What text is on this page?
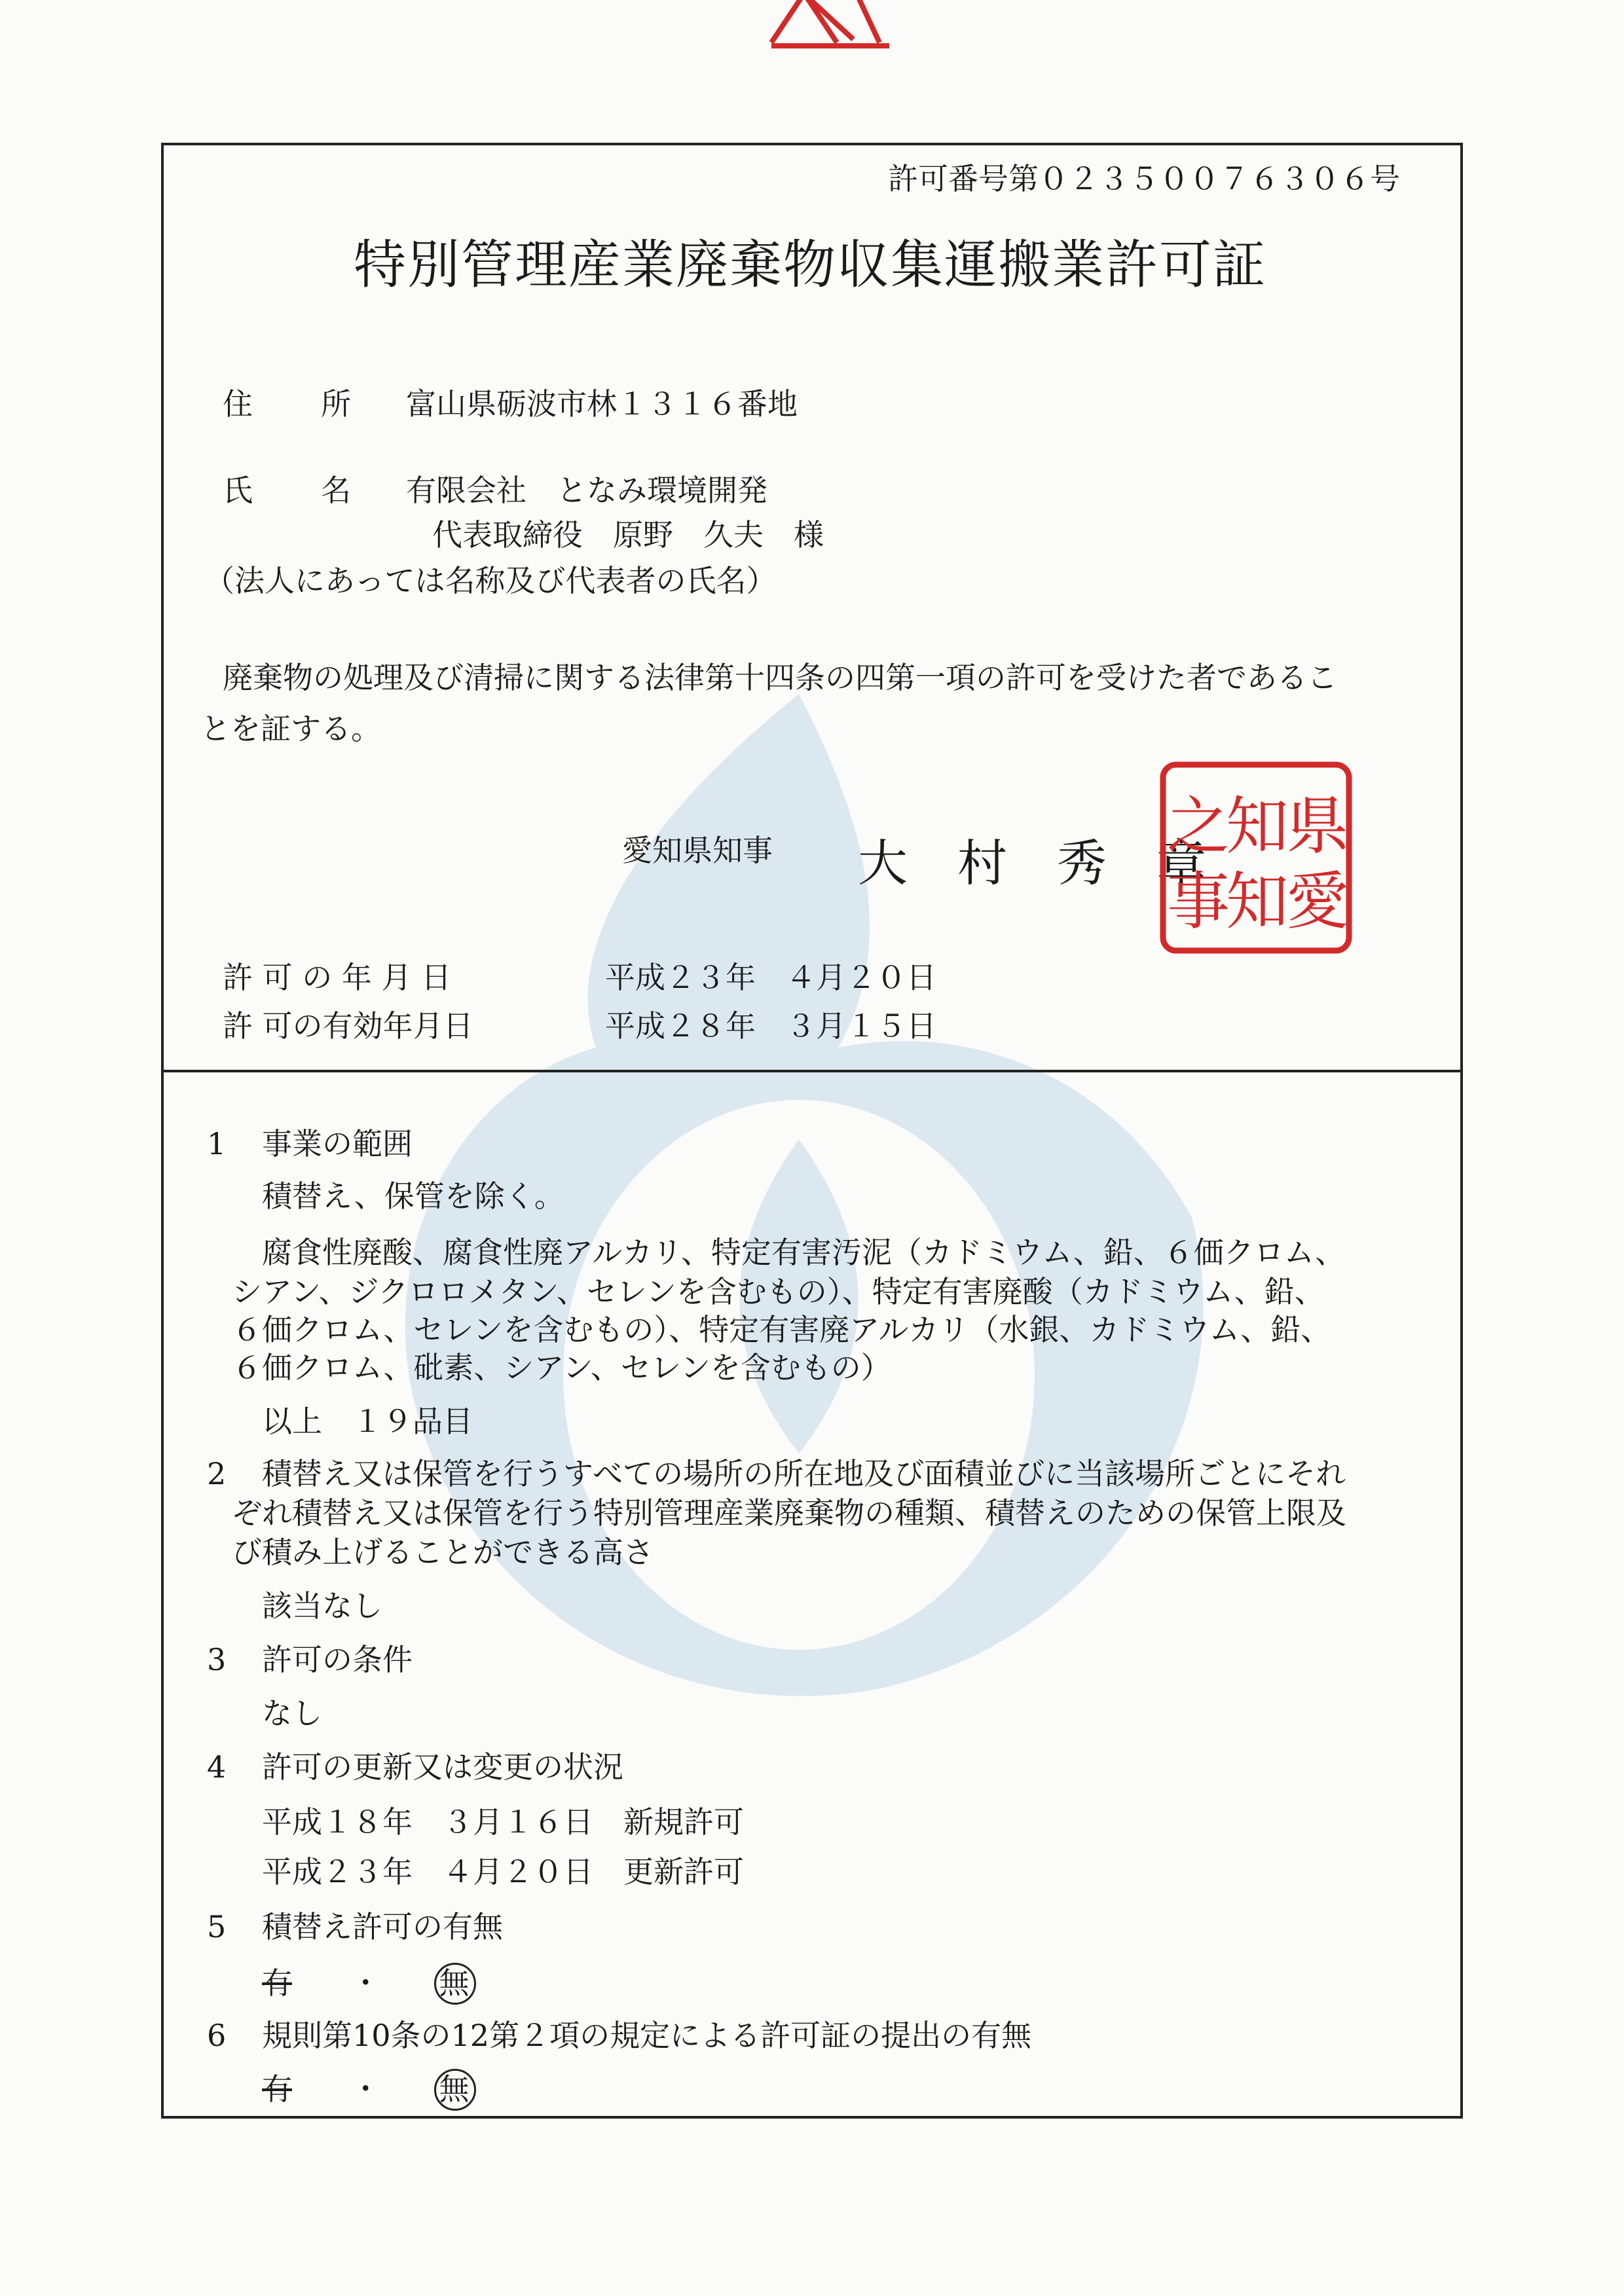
許可番号第０２３５００７６３０６号
特別管理産業廃棄物収集運搬業許可証
住 所 富山県砺波市林１３１６番地
氏 名 有限会社　となみ環境開発
代表取締役　原野　久夫　様
（法人にあっては名称及び代表者の氏名）
廃棄物の処理及び清掃に関する法律第十四条の四第一項の許可を受けた者であるこ
とを証する。
愛知県知事 大　村　秀　章
県
愛
知
知
之
事
許 可 の 年 月 日	平成２３年　４月２０日
許 可の有効年月日	平成２８年　３月１５日
1 事業の範囲
積替え、保管を除く。
腐食性廃酸、腐食性廃アルカリ、特定有害汚泥（カドミウム、鉛、６価クロム、
シアン、ジクロロメタン、セレンを含むもの）、特定有害廃酸（カドミウム、鉛、
６価クロム、セレンを含むもの）、特定有害廃アルカリ（水銀、カドミウム、鉛、
６価クロム、砒素、シアン、セレンを含むもの）
以上　１９品目
2 積替え又は保管を行うすべての場所の所在地及び面積並びに当該場所ごとにそれ
ぞれ積替え又は保管を行う特別管理産業廃棄物の種類、積替えのための保管上限及
び積み上げることができる高さ
該当なし
3 許可の条件
なし
4 許可の更新又は変更の状況
平成１８年　３月１６日　新規許可
平成２３年　４月２０日　更新許可
5 積替え許可の有無
有 ・ 無
6 規則第10条の12第２項の規定による許可証の提出の有無
有 ・ 無
